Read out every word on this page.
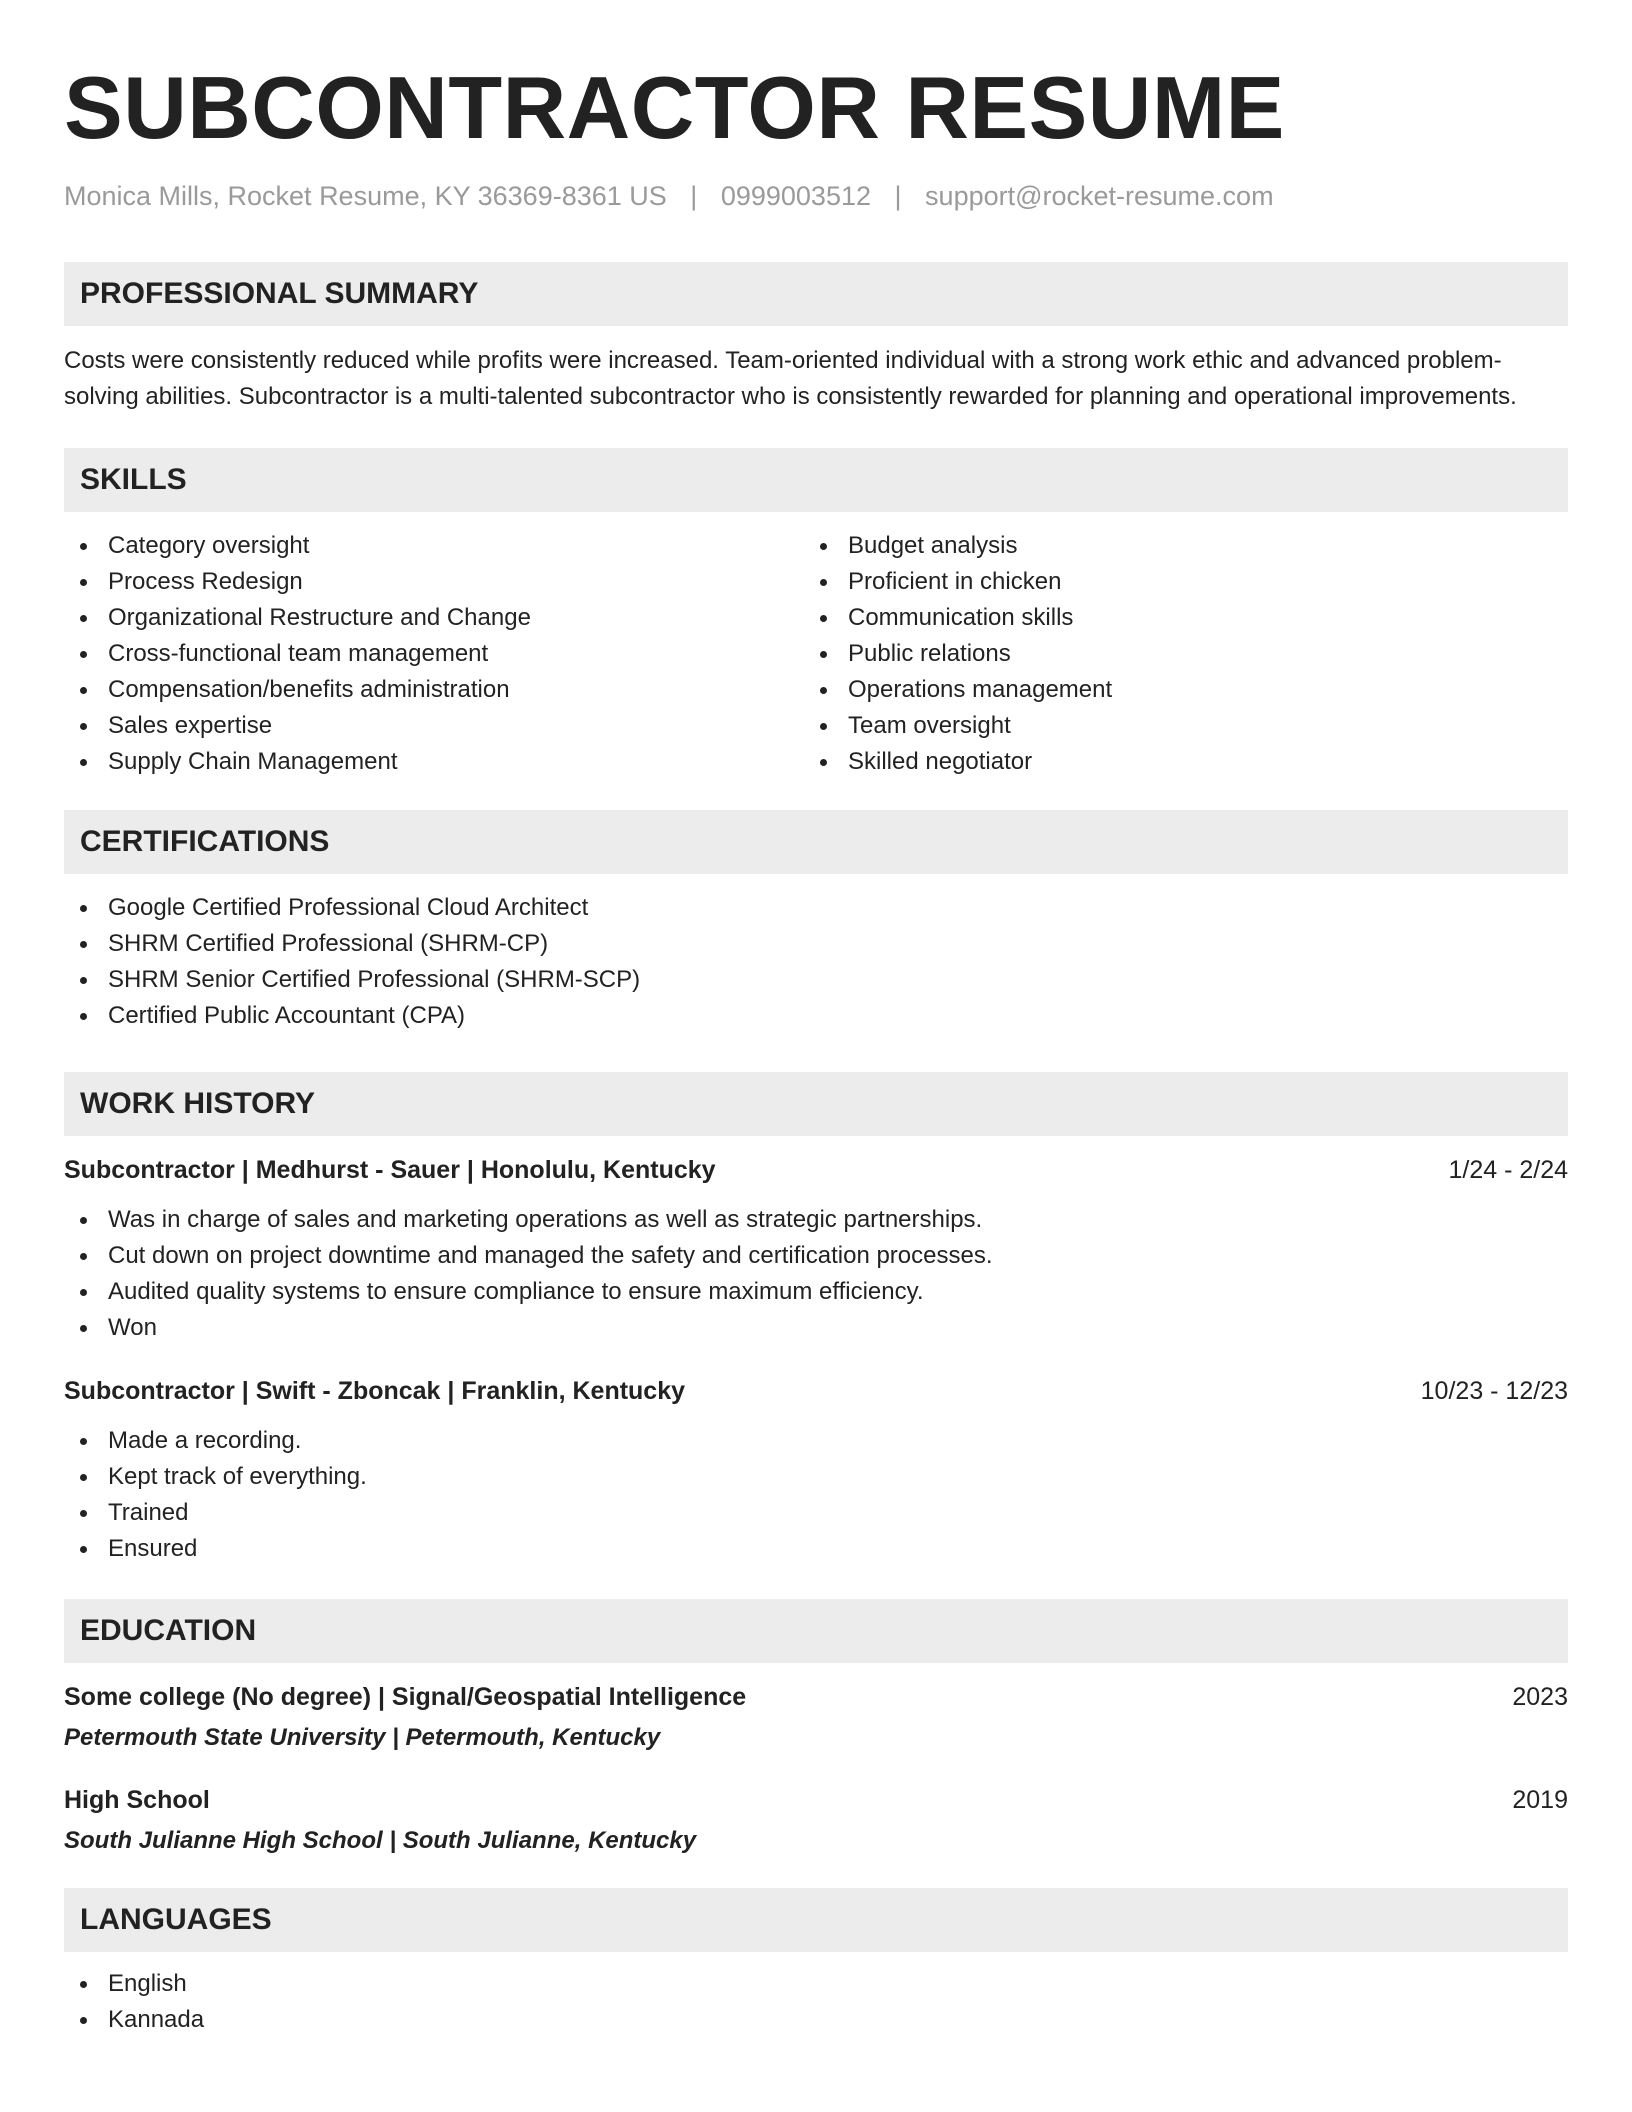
SUBCONTRACTOR RESUME
Monica Mills, Rocket Resume, KY 36369-8361 US | 0999003512 | support@rocket-resume.com
PROFESSIONAL SUMMARY
Costs were consistently reduced while profits were increased. Team-oriented individual with a strong work ethic and advanced problem-solving abilities. Subcontractor is a multi-talented subcontractor who is consistently rewarded for planning and operational improvements.
SKILLS
Category oversight
Process Redesign
Organizational Restructure and Change
Cross-functional team management
Compensation/benefits administration
Sales expertise
Supply Chain Management
Budget analysis
Proficient in chicken
Communication skills
Public relations
Operations management
Team oversight
Skilled negotiator
CERTIFICATIONS
Google Certified Professional Cloud Architect
SHRM Certified Professional (SHRM-CP)
SHRM Senior Certified Professional (SHRM-SCP)
Certified Public Accountant (CPA)
WORK HISTORY
Subcontractor | Medhurst - Sauer | Honolulu, Kentucky	1/24 - 2/24
Was in charge of sales and marketing operations as well as strategic partnerships.
Cut down on project downtime and managed the safety and certification processes.
Audited quality systems to ensure compliance to ensure maximum efficiency.
Won
Subcontractor | Swift - Zboncak | Franklin, Kentucky	10/23 - 12/23
Made a recording.
Kept track of everything.
Trained
Ensured
EDUCATION
Some college (No degree) | Signal/Geospatial Intelligence	2023
Petermouth State University | Petermouth, Kentucky
High School	2019
South Julianne High School | South Julianne, Kentucky
LANGUAGES
English
Kannada
